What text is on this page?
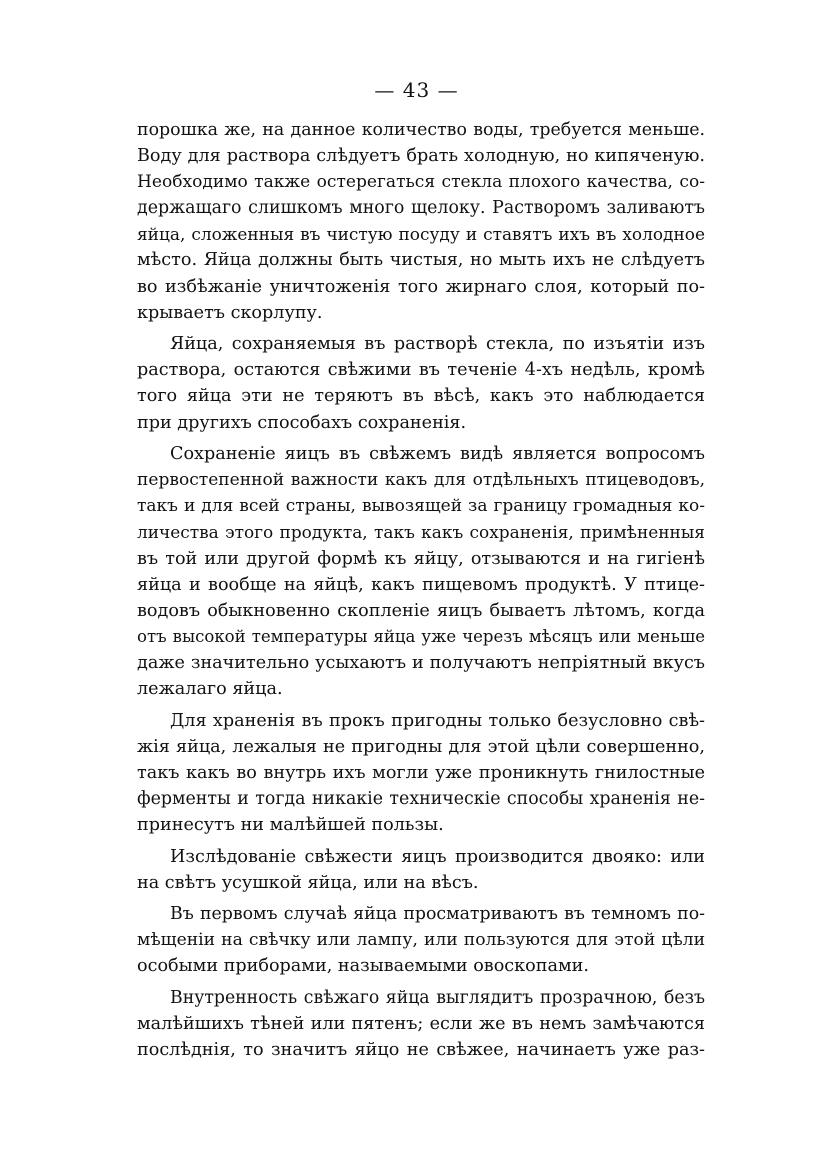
— 43 —
порошка же, на данное количество воды, требуется меньше.
Воду для раствора слѣдуетъ брать холодную, но кипяченую.
Необходимо также остерегаться стекла плохого качества, со-
держащаго слишкомъ много щелоку. Растворомъ заливаютъ
яйца, сложенныя въ чистую посуду и ставятъ ихъ въ холодное
мѣсто. Яйца должны быть чистыя, но мыть ихъ не слѣдуетъ
во избѣжаніе уничтоженія того жирнаго слоя, который по-
крываетъ скорлупу.
Яйца, сохраняемыя въ растворѣ стекла, по изъятіи изъ
раствора, остаются свѣжими въ теченіе 4-хъ недѣль, кромѣ
того яйца эти не теряютъ въ вѣсѣ, какъ это наблюдается
при другихъ способахъ сохраненія.
Сохраненіе яицъ въ свѣжемъ видѣ является вопросомъ
первостепенной важности какъ для отдѣльныхъ птицеводовъ,
такъ и для всей страны, вывозящей за границу громадныя ко-
личества этого продукта, такъ какъ сохраненія, примѣненныя
въ той или другой формѣ къ яйцу, отзываются и на гигіенѣ
яйца и вообще на яйцѣ, какъ пищевомъ продуктѣ. У птице-
водовъ обыкновенно скопленіе яицъ бываетъ лѣтомъ, когда
отъ высокой температуры яйца уже черезъ мѣсяцъ или меньше
даже значительно усыхаютъ и получаютъ непріятный вкусъ
лежалаго яйца.
Для храненія въ прокъ пригодны только безусловно свѣ-
жія яйца, лежалыя не пригодны для этой цѣли совершенно,
такъ какъ во внутрь ихъ могли уже проникнуть гнилостные
ферменты и тогда никакіе техническіе способы храненія не-
принесутъ ни малѣйшей пользы.
Изслѣдованіе свѣжести яицъ производится двояко: или
на свѣтъ усушкой яйца, или на вѣсъ.
Въ первомъ случаѣ яйца просматриваютъ въ темномъ по-
мѣщеніи на свѣчку или лампу, или пользуются для этой цѣли
особыми приборами, называемыми овоскопами.
Внутренность свѣжаго яйца выглядитъ прозрачною, безъ
малѣйшихъ тѣней или пятенъ; если же въ немъ замѣчаются
послѣднія, то значитъ яйцо не свѣжее, начинаетъ уже раз-
